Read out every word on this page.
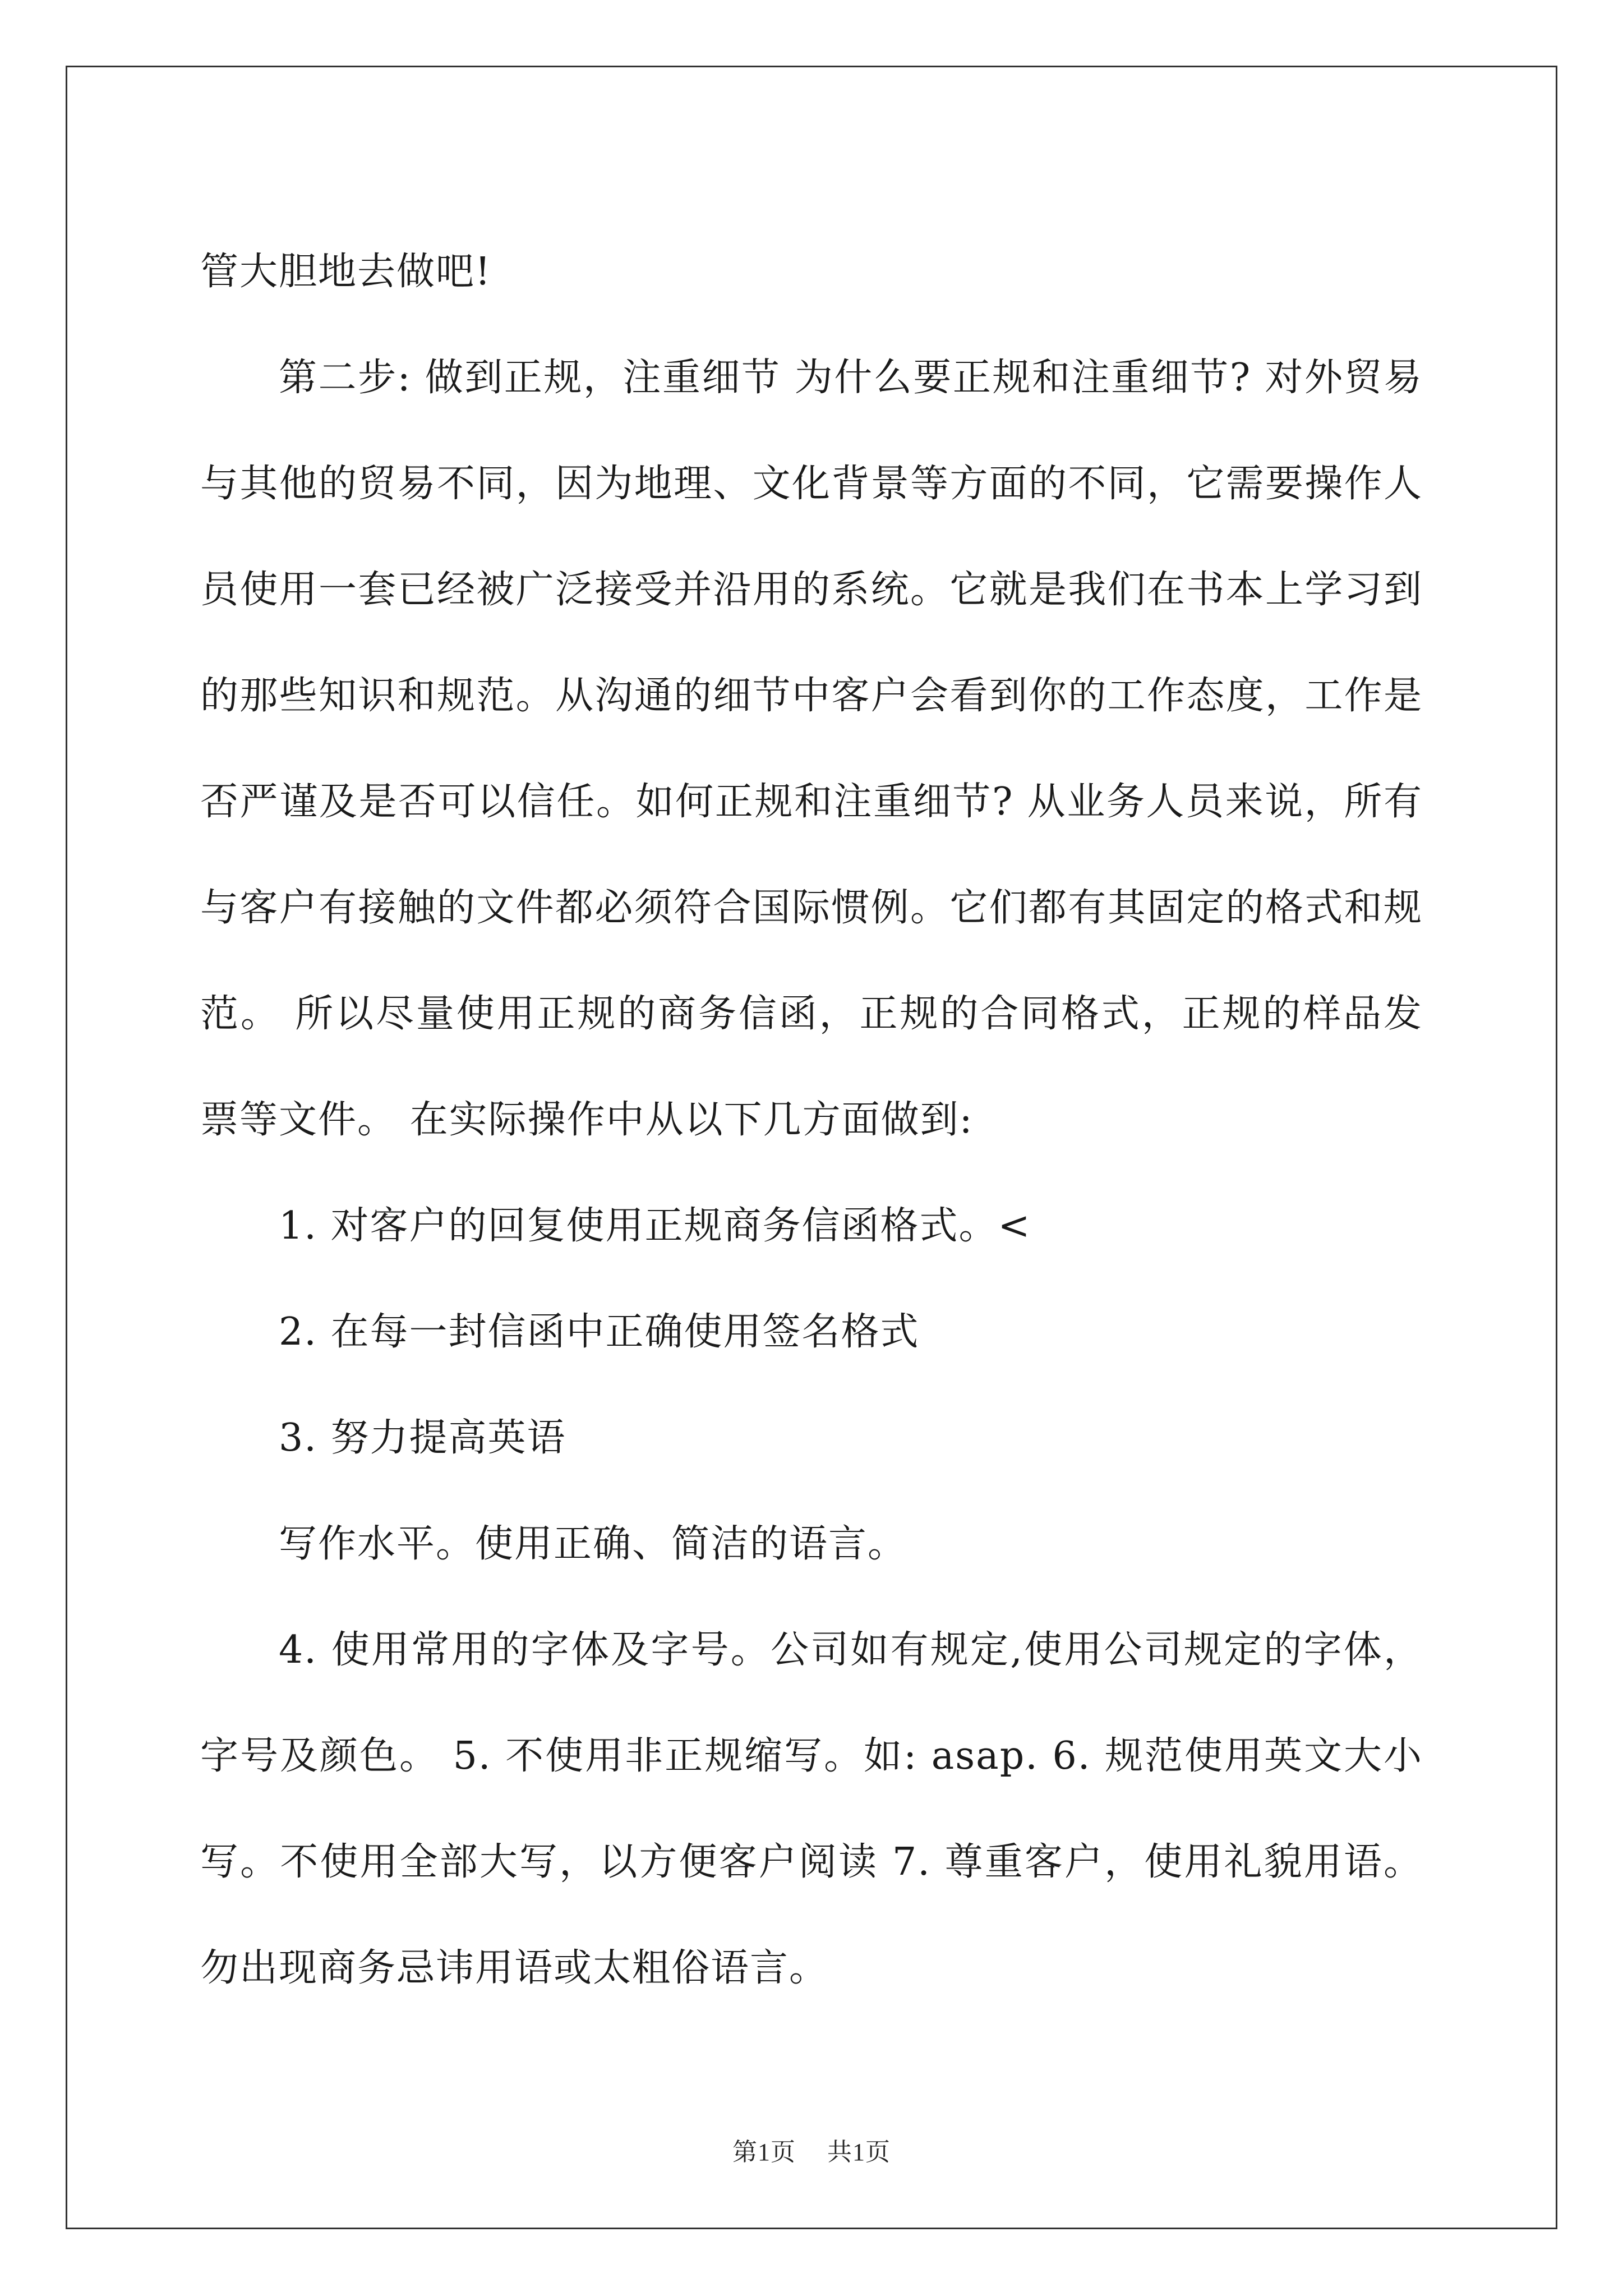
管大胆地去做吧!

第二步: 做到正规，注重细节 为什么要正规和注重细节? 对外贸易与其他的贸易不同，因为地理、文化背景等方面的不同，它需要操作人员使用一套已经被广泛接受并沿用的系统。它就是我们在书本上学习到的那些知识和规范。从沟通的细节中客户会看到你的工作态度，工作是否严谨及是否可以信任。如何正规和注重细节? 从业务人员来说，所有与客户有接触的文件都必须符合国际惯例。它们都有其固定的格式和规范。 所以尽量使用正规的商务信函，正规的合同格式，正规的样品发票等文件。 在实际操作中从以下几方面做到:

1. 对客户的回复使用正规商务信函格式。<

2. 在每一封信函中正确使用签名格式

3. 努力提高英语

写作水平。使用正确、简洁的语言。

4. 使用常用的字体及字号。公司如有规定,使用公司规定的字体，字号及颜色。 5. 不使用非正规缩写。如: asap. 6. 规范使用英文大小写。不使用全部大写，以方便客户阅读 7. 尊重客户，使用礼貌用语。勿出现商务忌讳用语或太粗俗语言。

第1页 共1页
